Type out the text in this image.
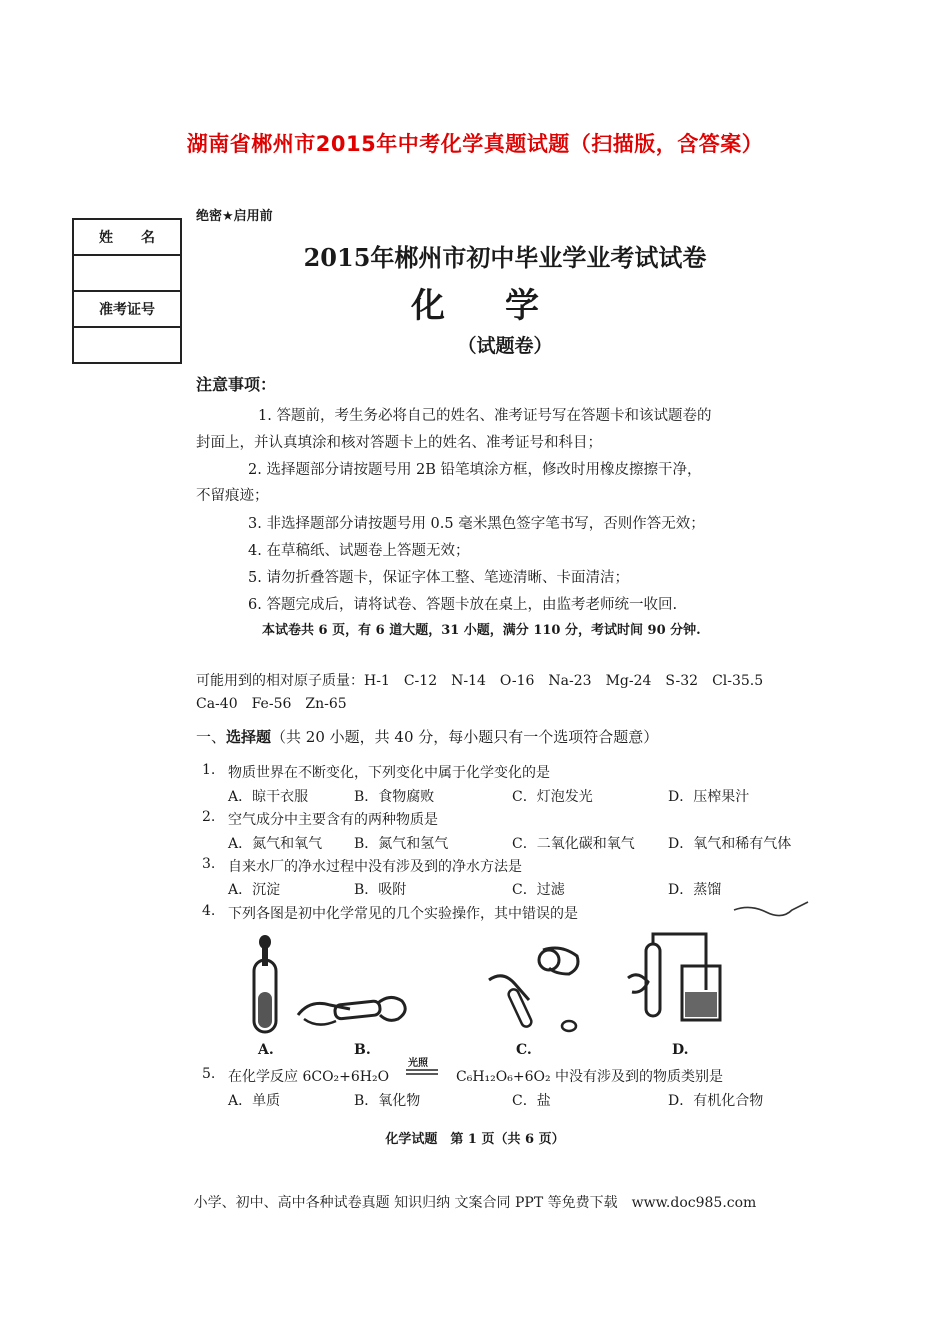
湖南省郴州市2015年中考化学真题试题（扫描版，含答案）
绝密★启用前
姓　　名

准考证号

2015年郴州市初中毕业学业考试试卷
化学
（试题卷）
注意事项：
1. 答题前，考生务必将自己的姓名、准考证号写在答题卡和该试题卷的
封面上，并认真填涂和核对答题卡上的姓名、准考证号和科目；
2. 选择题部分请按题号用 2B 铅笔填涂方框，修改时用橡皮擦擦干净，
不留痕迹；
3. 非选择题部分请按题号用 0.5 毫米黑色签字笔书写，否则作答无效；
4. 在草稿纸、试题卷上答题无效；
5. 请勿折叠答题卡，保证字体工整、笔迹清晰、卡面清洁；
6. 答题完成后，请将试卷、答题卡放在桌上，由监考老师统一收回.
本试卷共 6 页，有 6 道大题，31 小题，满分 110 分，考试时间 90 分钟.
可能用到的相对原子质量：H-1　C-12　N-14　O-16　Na-23　Mg-24　S-32　Cl-35.5
Ca-40　Fe-56　Zn-65
一、选择题（共 20 小题，共 40 分，每小题只有一个选项符合题意）
1. 物质世界在不断变化，下列变化中属于化学变化的是
A．晾干衣服	B．食物腐败	C．灯泡发光	D．压榨果汁
2. 空气成分中主要含有的两种物质是
A．氮气和氧气 B．氮气和氢气	C．二氧化碳和氧气 D．氧气和稀有气体
3. 自来水厂的净水过程中没有涉及到的净水方法是
A．沉淀	B．吸附	C．过滤	D．蒸馏
4. 下列各图是初中化学常见的几个实验操作，其中错误的是
A.	B.	C.	D.
5. 在化学反应 6CO₂+6H₂O
光照
C₆H₁₂O₆+6O₂ 中没有涉及到的物质类别是
A．单质	B．氧化物	C．盐	D．有机化合物
化学试题　第 1 页（共 6 页）
小学、初中、高中各种试卷真题 知识归纳 文案合同 PPT 等免费下载　www.doc985.com
